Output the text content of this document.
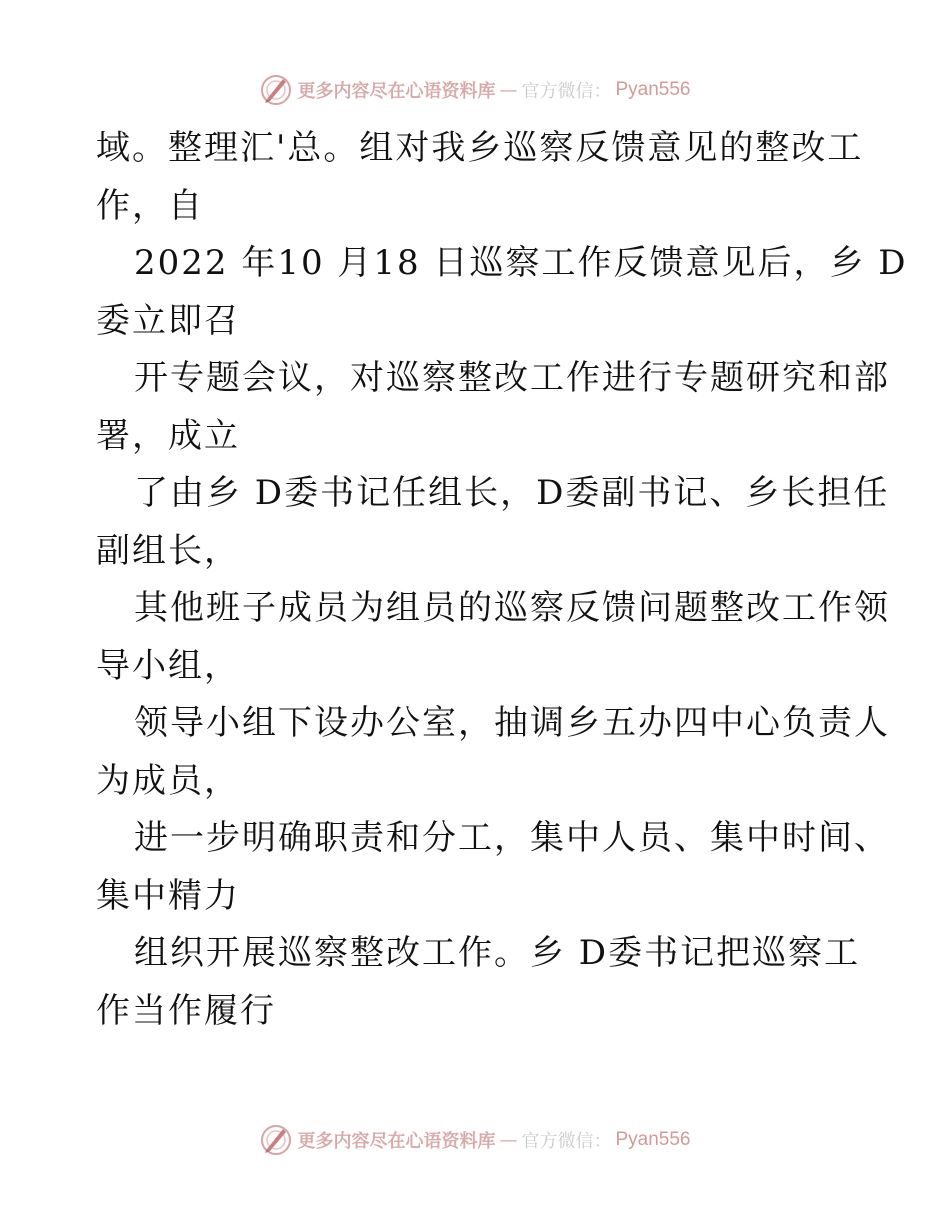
更多内容尽在心语资料库 — 官方微信： Pyan556
域。整理汇'总。组对我乡巡察反馈意见的整改工
作，自
2022 年10 月18 日巡察工作反馈意见后，乡 D
委立即召
开专题会议，对巡察整改工作进行专题研究和部
署，成立
了由乡 D委书记任组长，D委副书记、乡长担任
副组长，
其他班子成员为组员的巡察反馈问题整改工作领
导小组，
领导小组下设办公室，抽调乡五办四中心负责人
为成员，
进一步明确职责和分工，集中人员、集中时间、
集中精力
组织开展巡察整改工作。乡 D委书记把巡察工
作当作履行
更多内容尽在心语资料库 — 官方微信： Pyan556
